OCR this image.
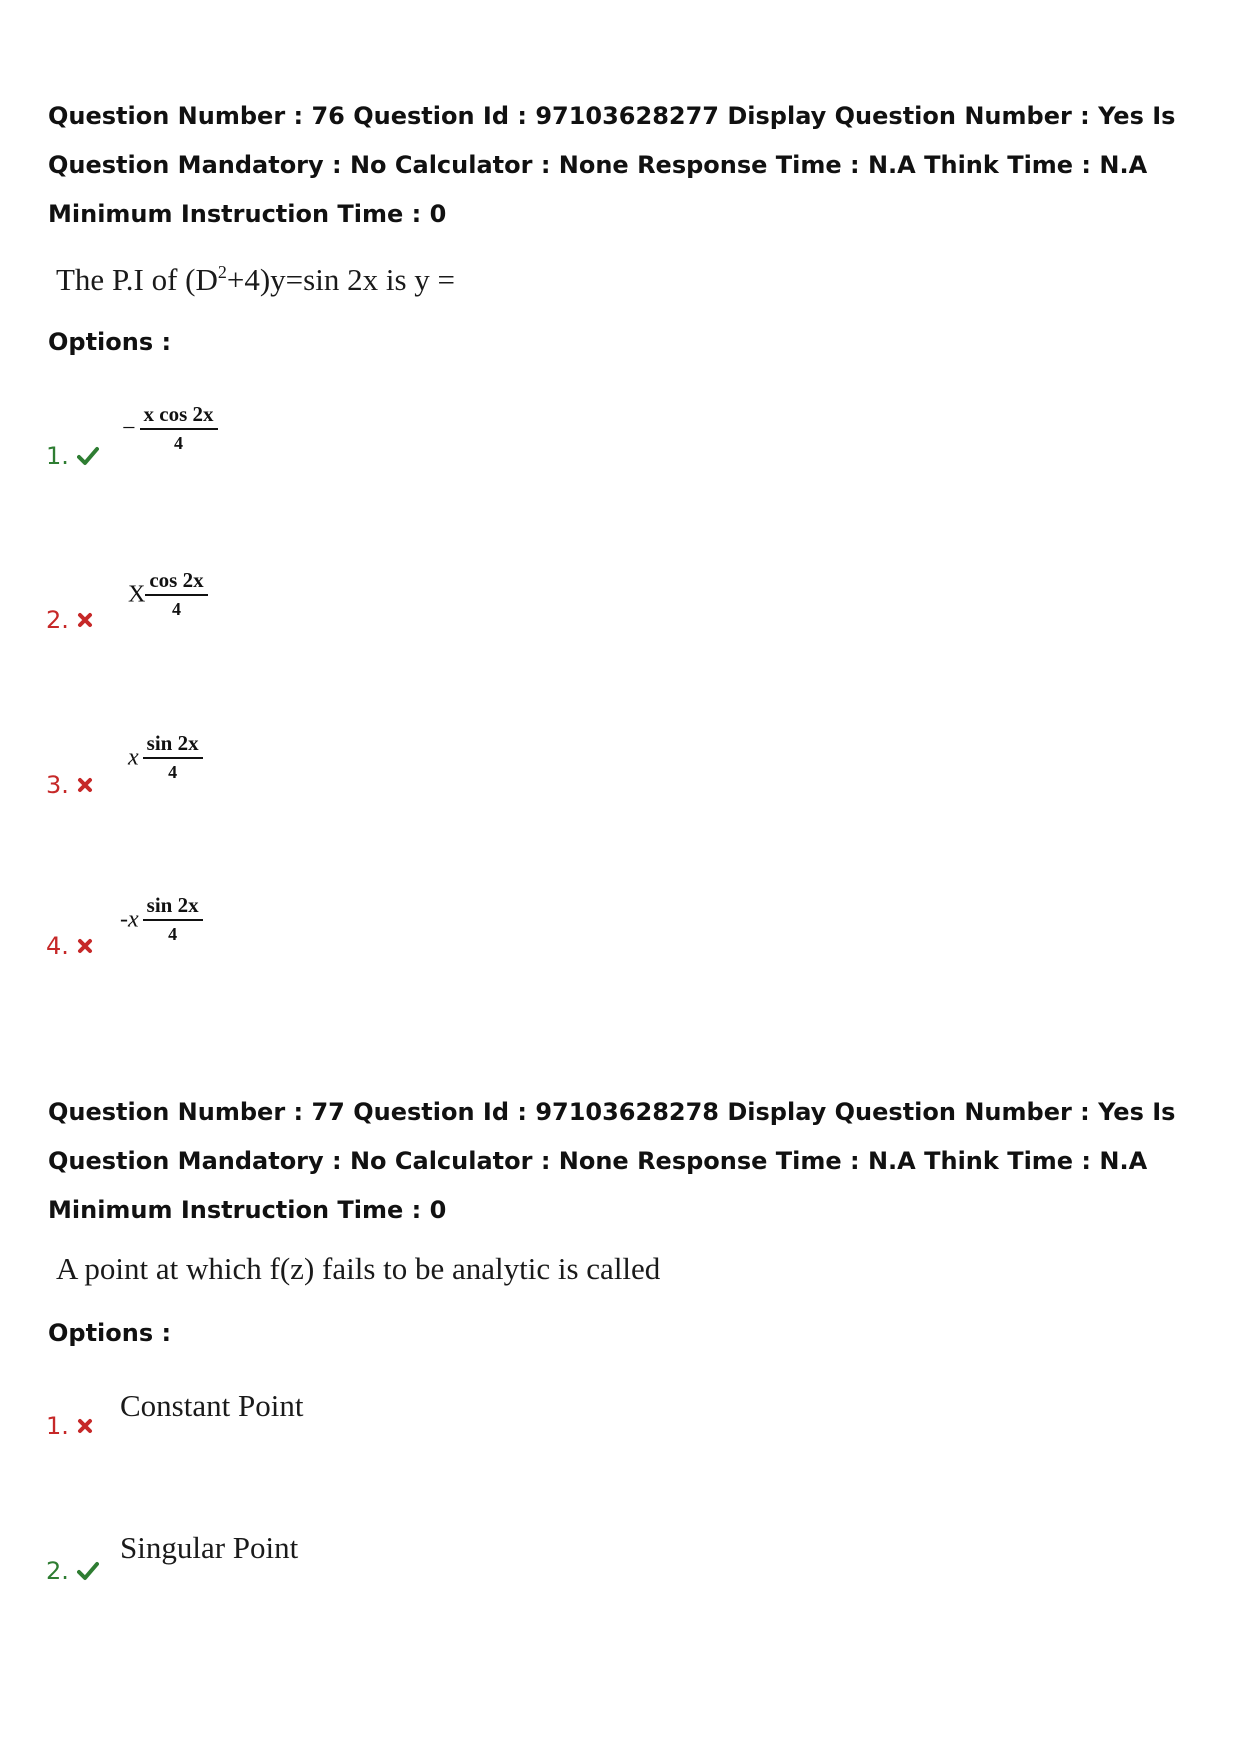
Question Number : 76 Question Id : 97103628277 Display Question Number : Yes Is Question Mandatory : No Calculator : None Response Time : N.A Think Time : N.A Minimum Instruction Time : 0
The P.I of $(D^2+4)y=\sin$ 2x is y =
Options :
1.
− $\frac{\text{x cos 2x}}{4}$
2.
X $\frac{\cos 2x}{4}$
3.
x $\frac{\sin 2x}{4}$
4.
$-x \frac{\sin 2x}{4}$
Question Number : 77 Question Id : 97103628278 Display Question Number : Yes Is Question Mandatory : No Calculator : None Response Time : N.A Think Time : N.A Minimum Instruction Time : 0
A point at which f(z) fails to be analytic is called
Options :
1.
Constant Point
2.
Singular Point
